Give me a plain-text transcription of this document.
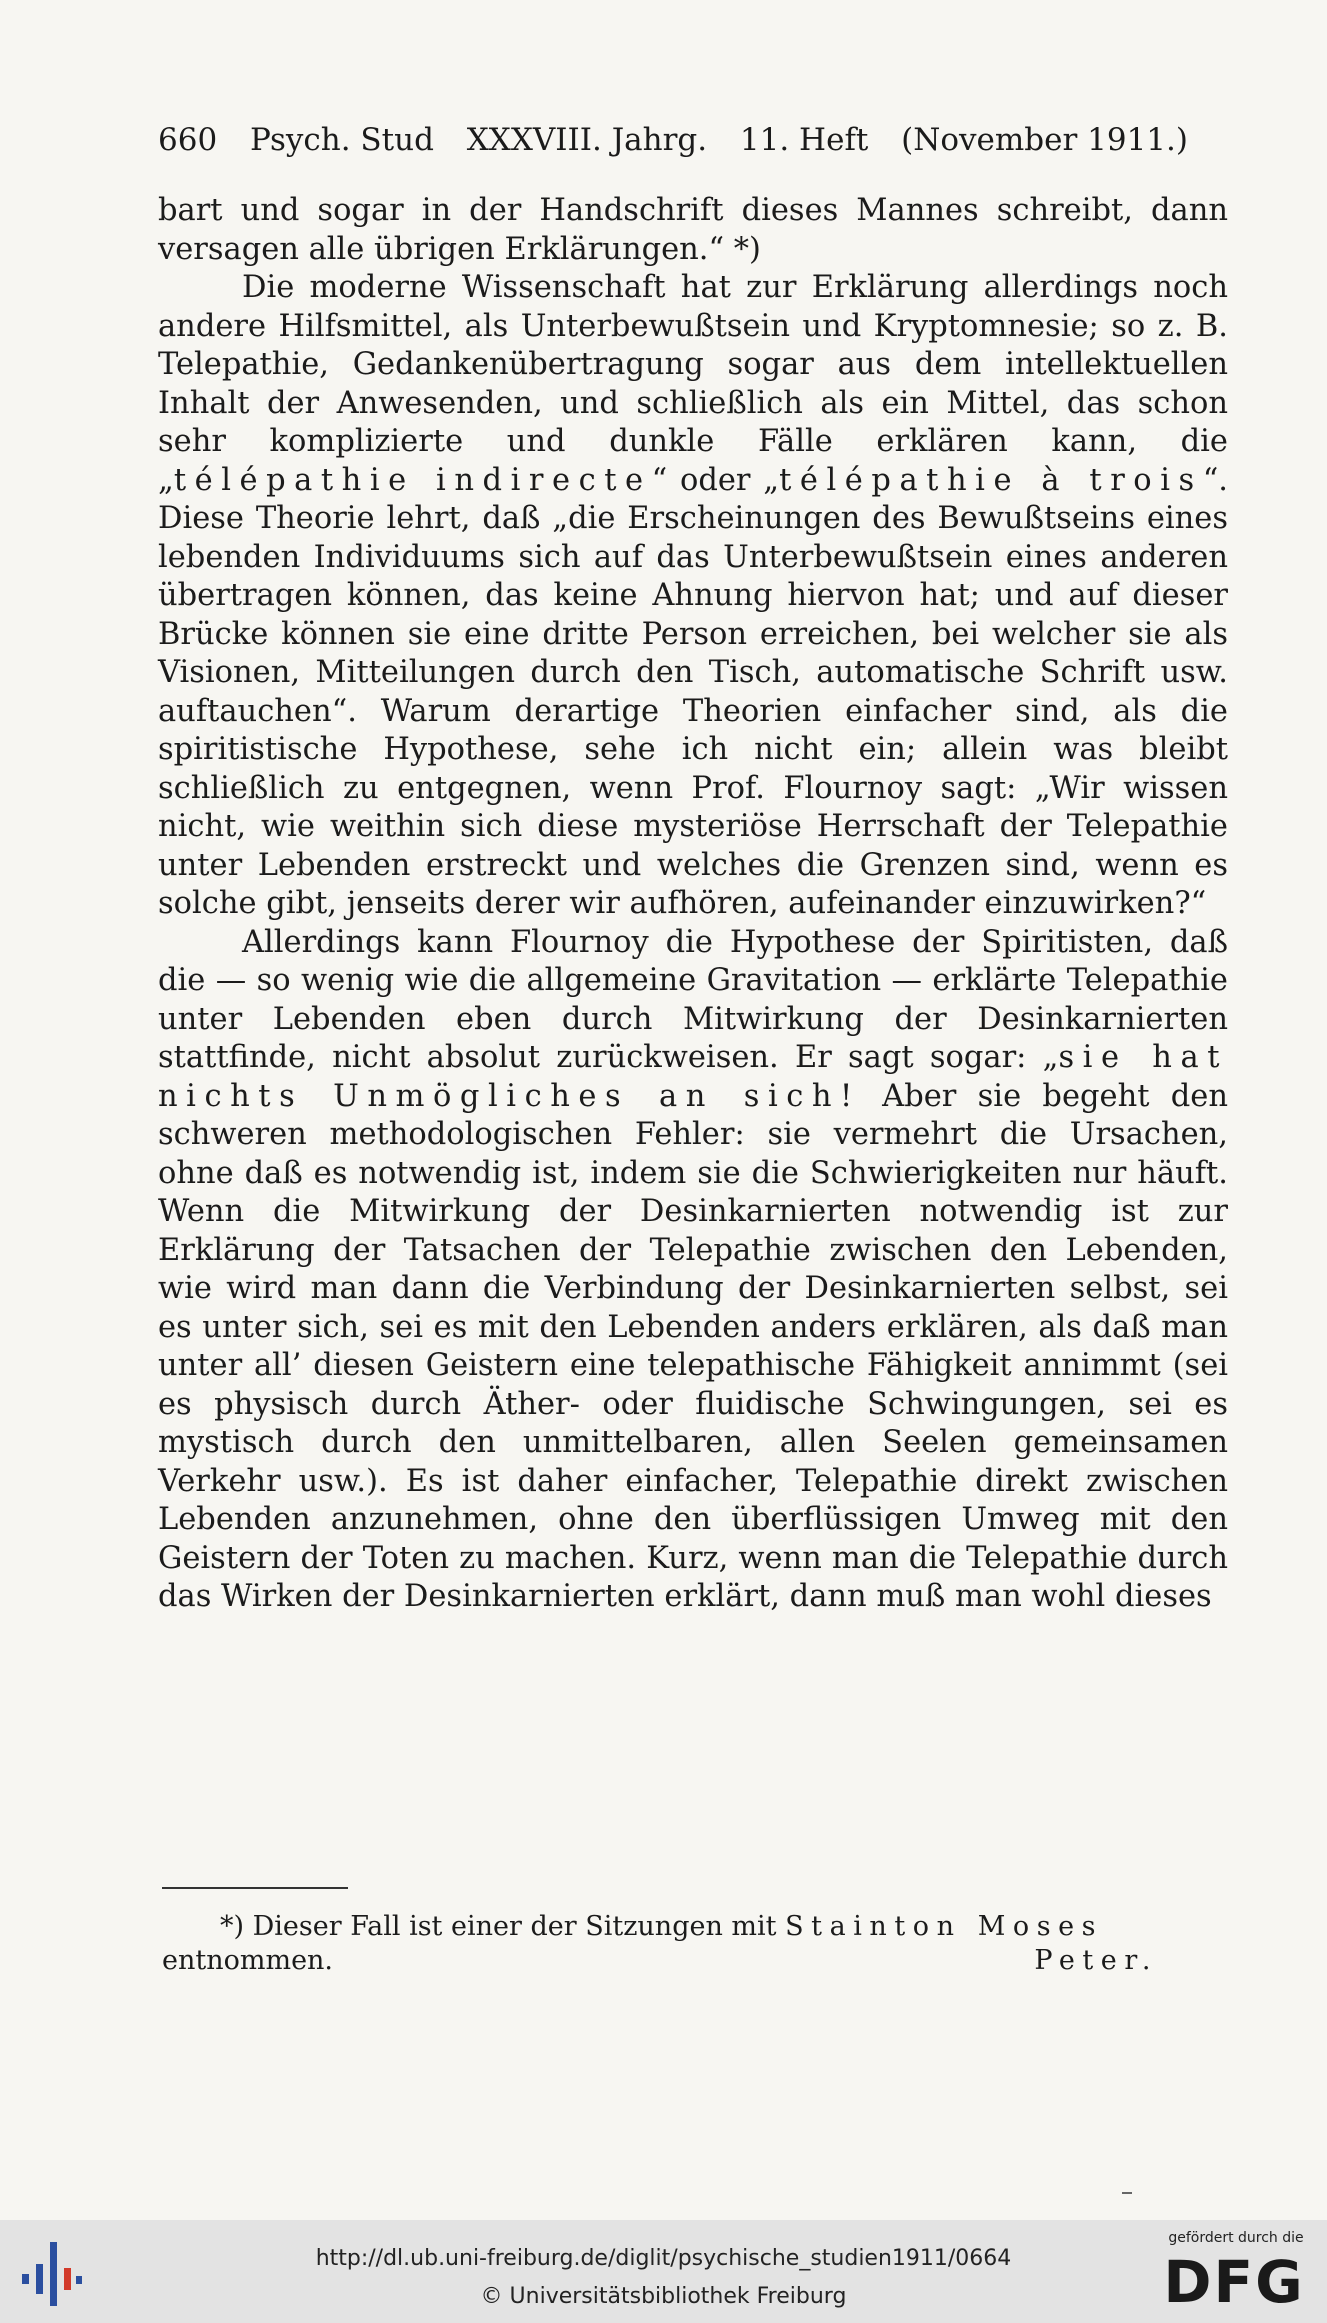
660 Psych. Stud XXXVIII. Jahrg. 11. Heft (November 1911.)

bart und sogar in der Handschrift dieses Mannes schreibt, dann versagen alle übrigen Erklärungen.“ *)

Die moderne Wissenschaft hat zur Erklärung allerdings noch andere Hilfsmittel, als Unterbewußtsein und Kryptomnesie; so z. B. Telepathie, Gedankenübertragung sogar aus dem intellektuellen Inhalt der Anwesenden, und schließlich als ein Mittel, das schon sehr komplizierte und dunkle Fälle erklären kann, die „télépathie indirecte“ oder „télépathie à trois“. Diese Theorie lehrt, daß „die Erscheinungen des Bewußtseins eines lebenden Individuums sich auf das Unterbewußtsein eines anderen übertragen können, das keine Ahnung hiervon hat; und auf dieser Brücke können sie eine dritte Person erreichen, bei welcher sie als Visionen, Mitteilungen durch den Tisch, automatische Schrift usw. auftauchen“. Warum derartige Theorien einfacher sind, als die spiritistische Hypothese, sehe ich nicht ein; allein was bleibt schließlich zu entgegnen, wenn Prof. Flournoy sagt: „Wir wissen nicht, wie weithin sich diese mysteriöse Herrschaft der Telepathie unter Lebenden erstreckt und welches die Grenzen sind, wenn es solche gibt, jenseits derer wir aufhören, aufeinander einzuwirken?“

Allerdings kann Flournoy die Hypothese der Spiritisten, daß die — so wenig wie die allgemeine Gravitation — erklärte Telepathie unter Lebenden eben durch Mitwirkung der Desinkarnierten stattfinde, nicht absolut zurückweisen. Er sagt sogar: „sie hat nichts Unmögliches an sich! Aber sie begeht den schweren methodologischen Fehler: sie vermehrt die Ursachen, ohne daß es notwendig ist, indem sie die Schwierigkeiten nur häuft. Wenn die Mitwirkung der Desinkarnierten notwendig ist zur Erklärung der Tatsachen der Telepathie zwischen den Lebenden, wie wird man dann die Verbindung der Desinkarnierten selbst, sei es unter sich, sei es mit den Lebenden anders erklären, als daß man unter all’ diesen Geistern eine telepathische Fähigkeit annimmt (sei es physisch durch Äther- oder fluidische Schwingungen, sei es mystisch durch den unmittelbaren, allen Seelen gemeinsamen Verkehr usw.). Es ist daher einfacher, Telepathie direkt zwischen Lebenden anzunehmen, ohne den überflüssigen Umweg mit den Geistern der Toten zu machen. Kurz, wenn man die Telepathie durch das Wirken der Desinkarnierten erklärt, dann muß man wohl dieses

*) Dieser Fall ist einer der Sitzungen mit Stainton Moses
entnommen.	Peter.
http://dl.ub.uni-freiburg.de/diglit/psychische_studien1911/0664
© Universitätsbibliothek Freiburg
gefördert durch die
DFG
